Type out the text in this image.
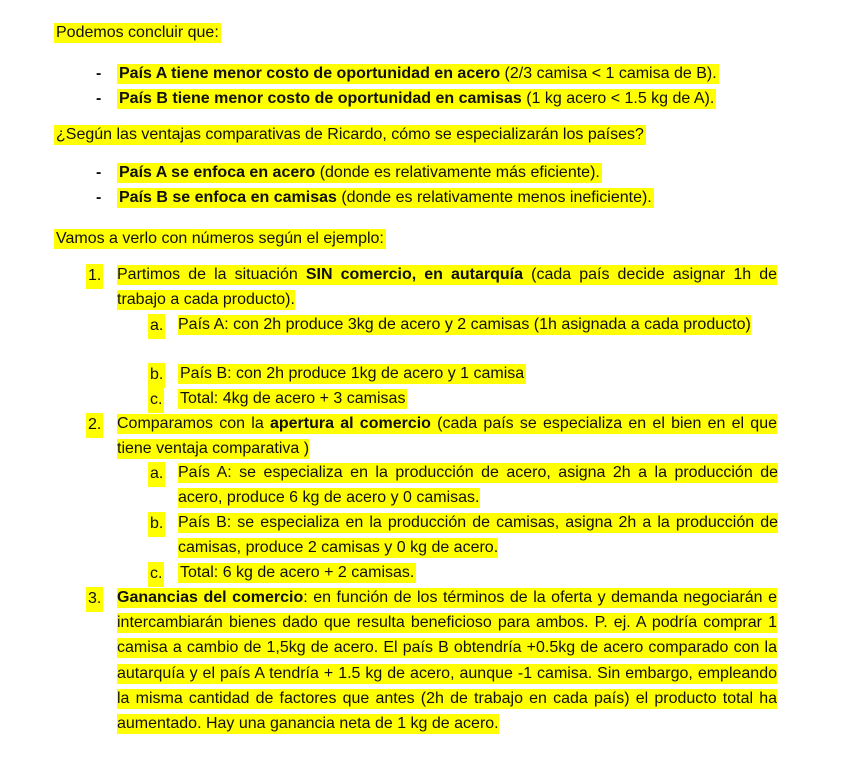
Podemos concluir que:
- País A tiene menor costo de oportunidad en acero (2/3 camisa < 1 camisa de B).
- País B tiene menor costo de oportunidad en camisas (1 kg acero < 1.5 kg de A).
¿Según las ventajas comparativas de Ricardo, cómo se especializarán los países?
- País A se enfoca en acero (donde es relativamente más eficiente).
- País B se enfoca en camisas (donde es relativamente menos ineficiente).
Vamos a verlo con números según el ejemplo:
1. Partimos de la situación SIN comercio, en autarquía (cada país decide asignar 1h de trabajo a cada producto).
a. País A: con 2h produce 3kg de acero y 2 camisas (1h asignada a cada producto)
b. País B: con 2h produce 1kg de acero y 1 camisa
c. Total: 4kg de acero + 3 camisas
2. Comparamos con la apertura al comercio (cada país se especializa en el bien en el que tiene ventaja comparativa )
a. País A: se especializa en la producción de acero, asigna 2h a la producción de acero, produce 6 kg de acero y 0 camisas.
b. País B: se especializa en la producción de camisas, asigna 2h a la producción de camisas, produce 2 camisas y 0 kg de acero.
c. Total: 6 kg de acero + 2 camisas.
3. Ganancias del comercio: en función de los términos de la oferta y demanda negociarán e intercambiarán bienes dado que resulta beneficioso para ambos. P. ej. A podría comprar 1 camisa a cambio de 1,5kg de acero. El país B obtendría +0.5kg de acero comparado con la autarquía y el país A tendría + 1.5 kg de acero, aunque -1 camisa. Sin embargo, empleando la misma cantidad de factores que antes (2h de trabajo en cada país) el producto total ha aumentado. Hay una ganancia neta de 1 kg de acero.
